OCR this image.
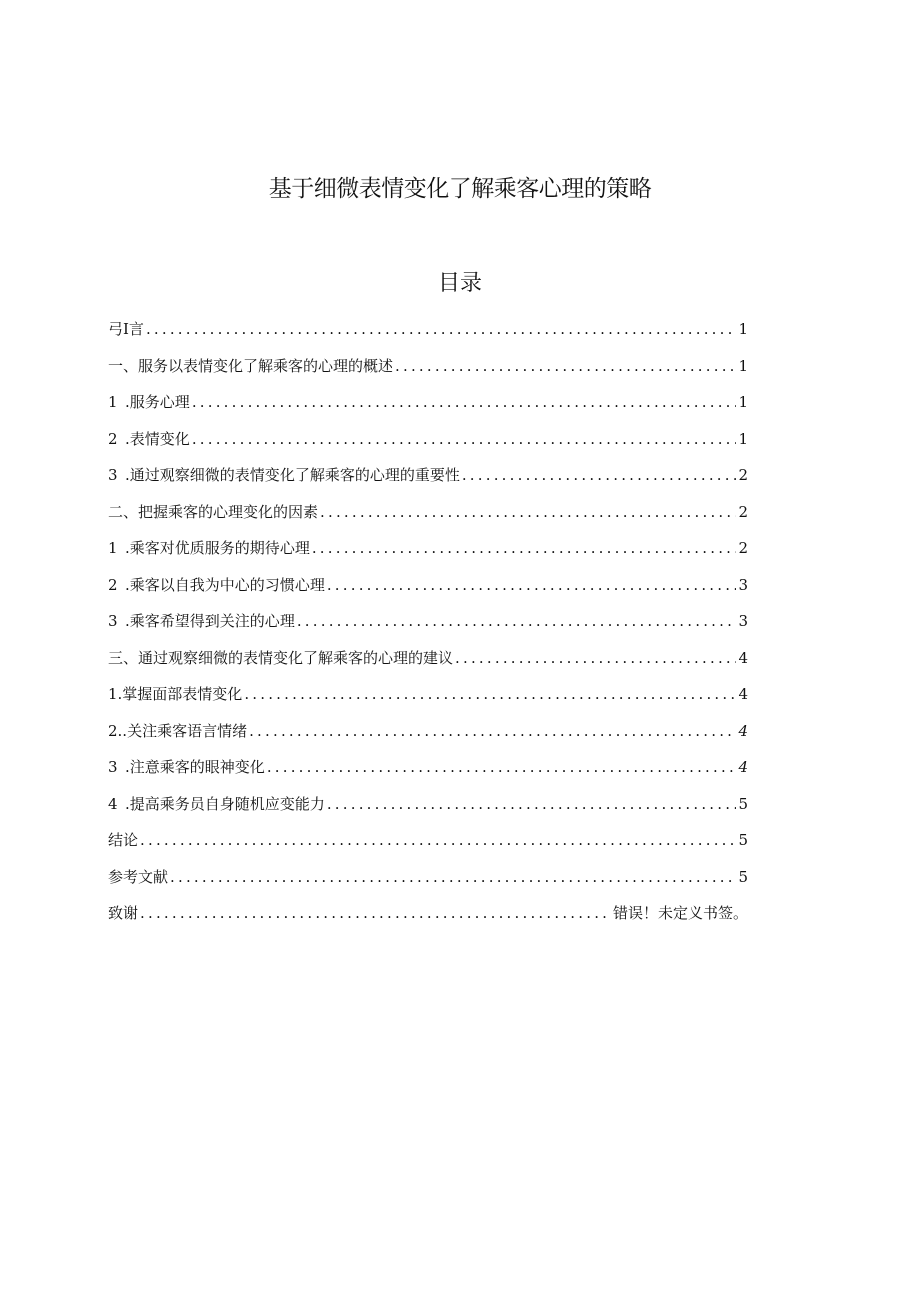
基于细微表情变化了解乘客心理的策略
目录
弓I言 .....	1
一、服务以表情变化了解乘客的心理的概述 .....	1
1 .服务心理 .....	1
2 .表情变化 .....	1
3 .通过观察细微的表情变化了解乘客的心理的重要性 .....	2
二、把握乘客的心理变化的因素 .....	2
1 .乘客对优质服务的期待心理 .....	2
2 .乘客以自我为中心的习惯心理 .....	3
3 .乘客希望得到关注的心理 .....	3
三、通过观察细微的表情变化了解乘客的心理的建议 .....	4
1.掌握面部表情变化 .....	4
2..关注乘客语言情绪 .....	4
3 .注意乘客的眼神变化 .....	4
4 .提高乘务员自身随机应变能力 .....	5
结论 .....	5
参考文献 .....	5
致谢 .....	错误！未定义书签。
